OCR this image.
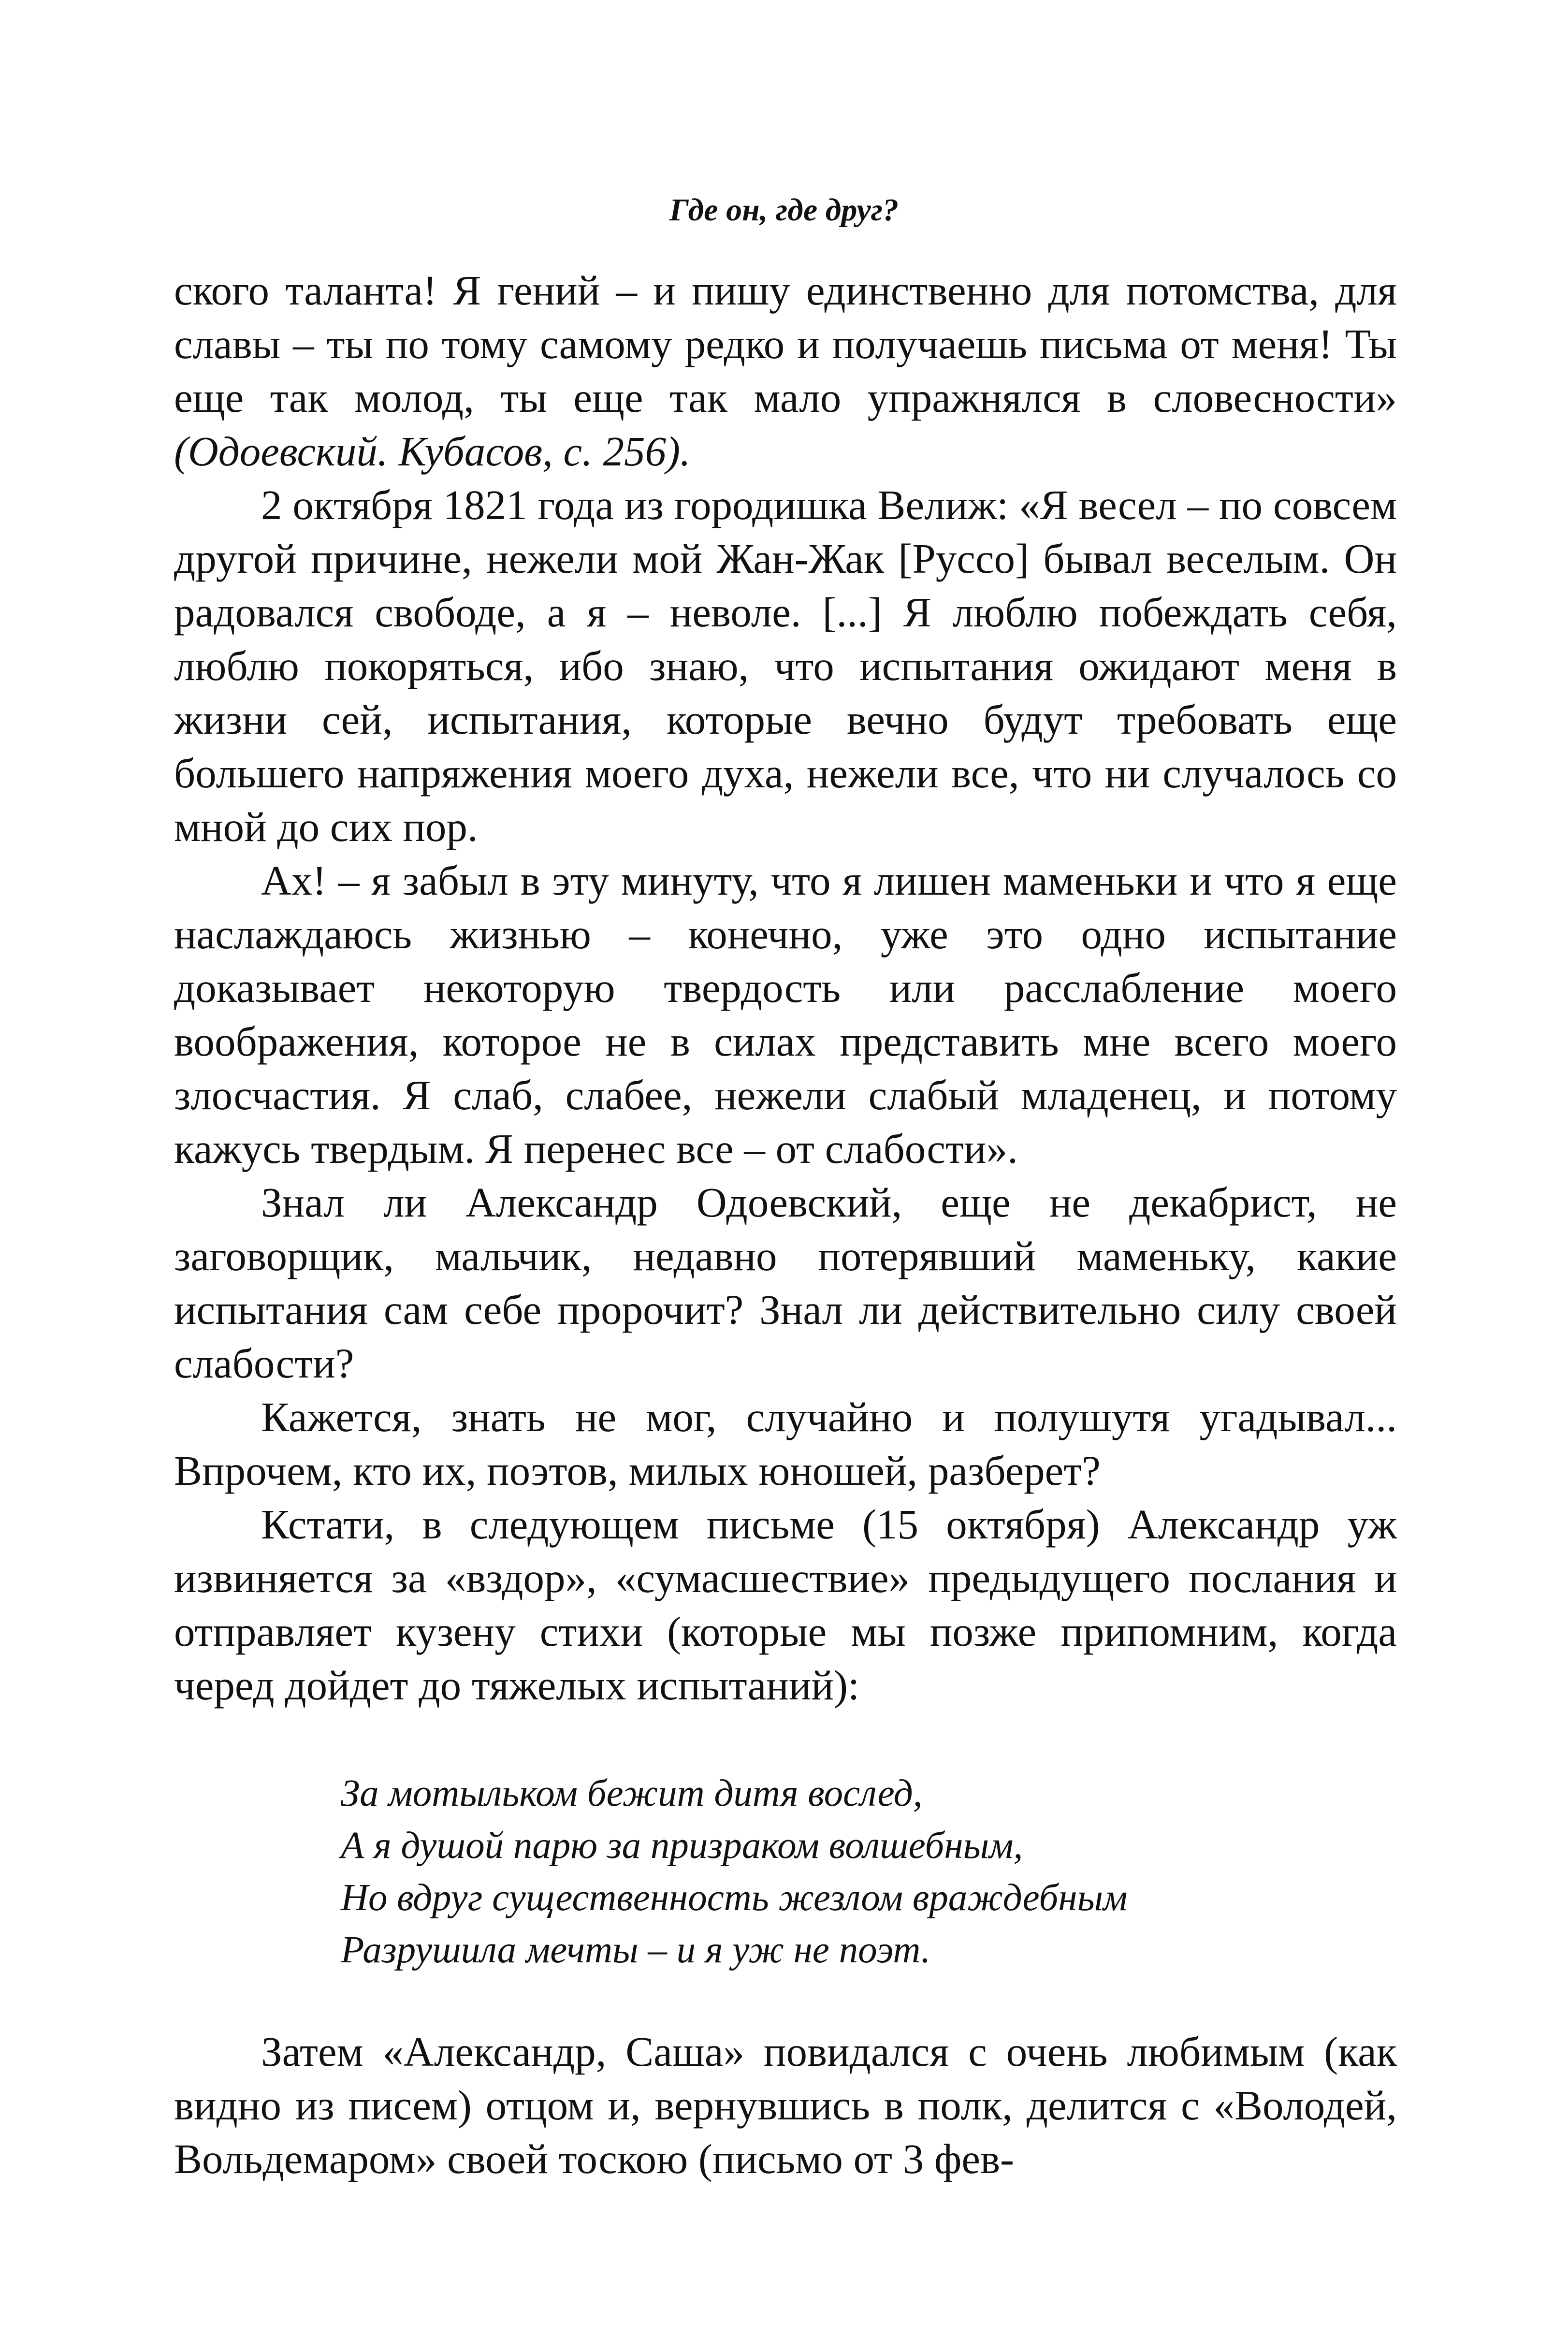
Где он, где друг?

ского таланта! Я гений – и пишу единственно для потомства, для славы – ты по тому самому редко и получаешь письма от меня! Ты еще так молод, ты еще так мало упражнялся в словесности» (Одоевский. Кубасов, с. 256).

2 октября 1821 года из городишка Велиж: «Я весел – по совсем другой причине, нежели мой Жан-Жак [Руссо] бывал веселым. Он радовался свободе, а я – неволе. [...] Я люблю побеждать себя, люблю покоряться, ибо знаю, что испытания ожидают меня в жизни сей, испытания, которые вечно будут требовать еще большего напряжения моего духа, нежели все, что ни случалось со мной до сих пор.

Ах! – я забыл в эту минуту, что я лишен маменьки и что я еще наслаждаюсь жизнью – конечно, уже это одно испытание доказывает некоторую твердость или расслабление моего воображения, которое не в силах представить мне всего моего злосчастия. Я слаб, слабее, нежели слабый младенец, и потому кажусь твердым. Я перенес все – от слабости».

Знал ли Александр Одоевский, еще не декабрист, не заговорщик, мальчик, недавно потерявший маменьку, какие испытания сам себе пророчит? Знал ли действительно силу своей слабости?

Кажется, знать не мог, случайно и полушутя угадывал... Впрочем, кто их, поэтов, милых юношей, разберет?

Кстати, в следующем письме (15 октября) Александр уж извиняется за «вздор», «сумасшествие» предыдущего послания и отправляет кузену стихи (которые мы позже припомним, когда черед дойдет до тяжелых испытаний):

За мотыльком бежит дитя вослед,
А я душой парю за призраком волшебным,
Но вдруг существенность жезлом враждебным
Разрушила мечты – и я уж не поэт.

Затем «Александр, Саша» повидался с очень любимым (как видно из писем) отцом и, вернувшись в полк, делится с «Володей, Вольдемаром» своей тоскою (письмо от 3 фев-
